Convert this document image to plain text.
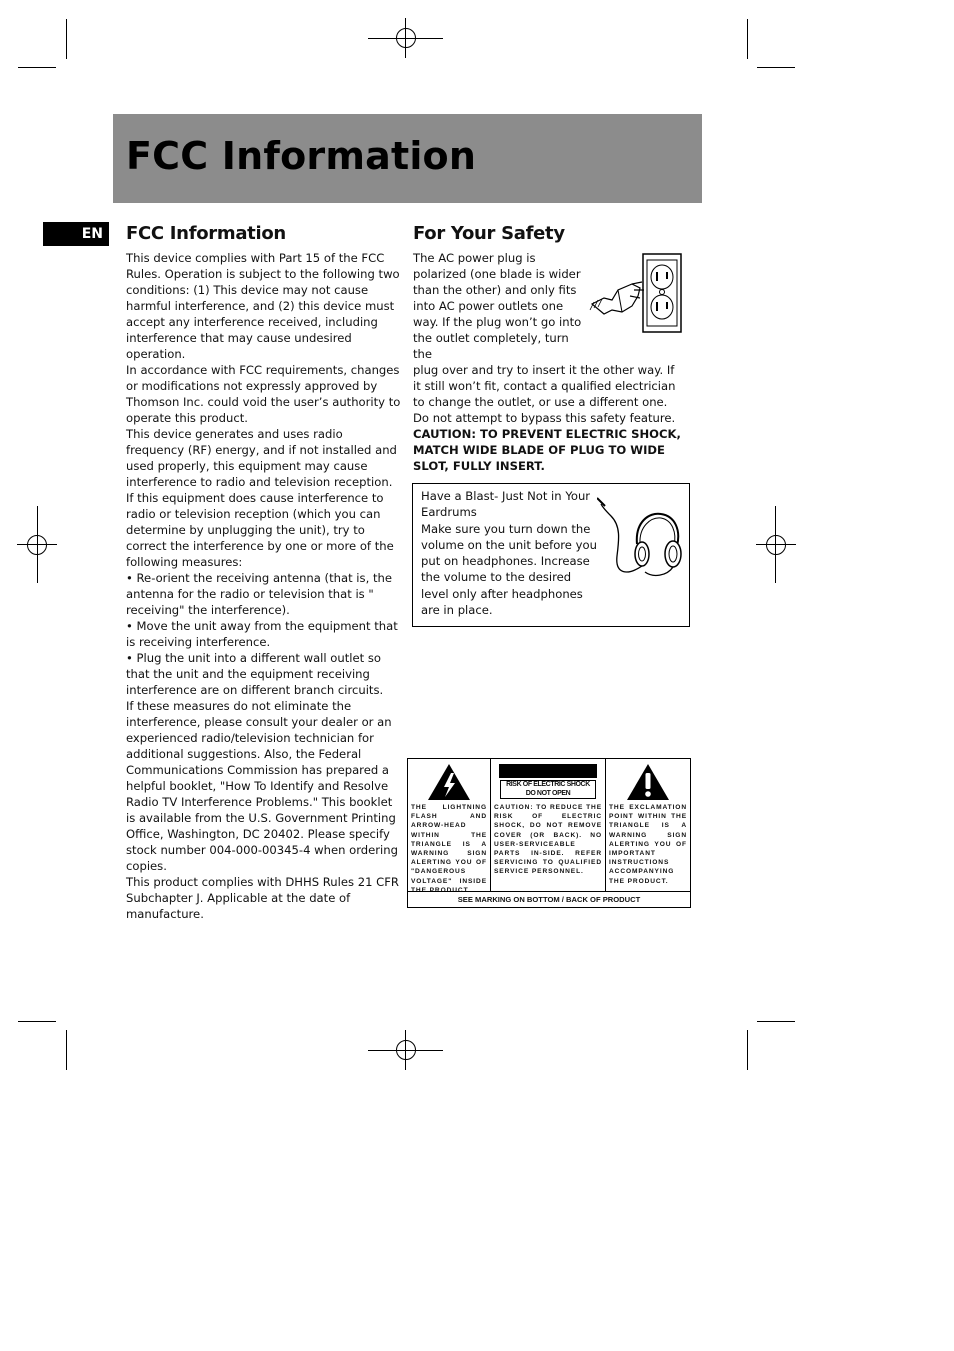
FCC Information
EN	FCC Information

This device complies with Part 15 of the FCC Rules. Operation is subject to the following two conditions: (1) This device may not cause harmful interference, and (2) this device must accept any interference received, including interference that may cause undesired operation.

In accordance with FCC requirements, changes or modifications not expressly approved by Thomson Inc. could void the user’s authority to operate this product.

This device generates and uses radio frequency (RF) energy, and if not installed and used properly, this equipment may cause interference to radio and television reception.

If this equipment does cause interference to radio or television reception (which you can determine by unplugging the unit), try to correct the interference by one or more of the following measures:

• Re-orient the receiving antenna (that is, the antenna for the radio or television that is " receiving" the interference).

• Move the unit away from the equipment that is receiving interference.

• Plug the unit into a different wall outlet so that the unit and the equipment receiving interference are on different branch circuits.

If these measures do not eliminate the interference, please consult your dealer or an experienced radio/television technician for additional suggestions. Also, the Federal Communications Commission has prepared a helpful booklet, "How To Identify and Resolve Radio TV Interference Problems." This booklet is available from the U.S. Government Printing Office, Washington, DC 20402. Please specify stock number 004-000-00345-4 when ordering copies.

This product complies with DHHS Rules 21 CFR Subchapter J. Applicable at the date of manufacture.

For Your Safety
The AC power plug is polarized (one blade is wider than the other) and only fits into AC power outlets one way. If the plug won’t go into the outlet completely, turn the
plug over and try to insert it the other way. If it still won’t fit, contact a qualified electrician to change the outlet, or use a different one. Do not attempt to bypass this safety feature.
CAUTION: TO PREVENT ELECTRIC SHOCK, MATCH WIDE BLADE OF PLUG TO WIDE SLOT, FULLY INSERT.
Have a Blast- Just Not in Your Eardrums
Make sure you turn down the volume on the unit before you put on headphones. Increase the volume to the desired level only after headphones are in place.
THE LIGHTNING FLASH AND ARROW-HEAD WITHIN THE TRIANGLE IS A WARNING SIGN ALERTING YOU OF "DANGEROUS VOLTAGE" INSIDE THE PRODUCT.
RISK OF ELECTRIC SHOCK
DO NOT OPEN
CAUTION: TO REDUCE THE RISK OF ELECTRIC SHOCK, DO NOT REMOVE COVER (OR BACK). NO USER-SERVICEABLE PARTS IN-SIDE. REFER SERVICING TO QUALIFIED SERVICE PERSONNEL.
THE EXCLAMATION POINT WITHIN THE TRIANGLE IS A WARNING SIGN ALERTING YOU OF IMPORTANT INSTRUCTIONS ACCOMPANYING THE PRODUCT.
SEE MARKING ON BOTTOM / BACK OF PRODUCT
